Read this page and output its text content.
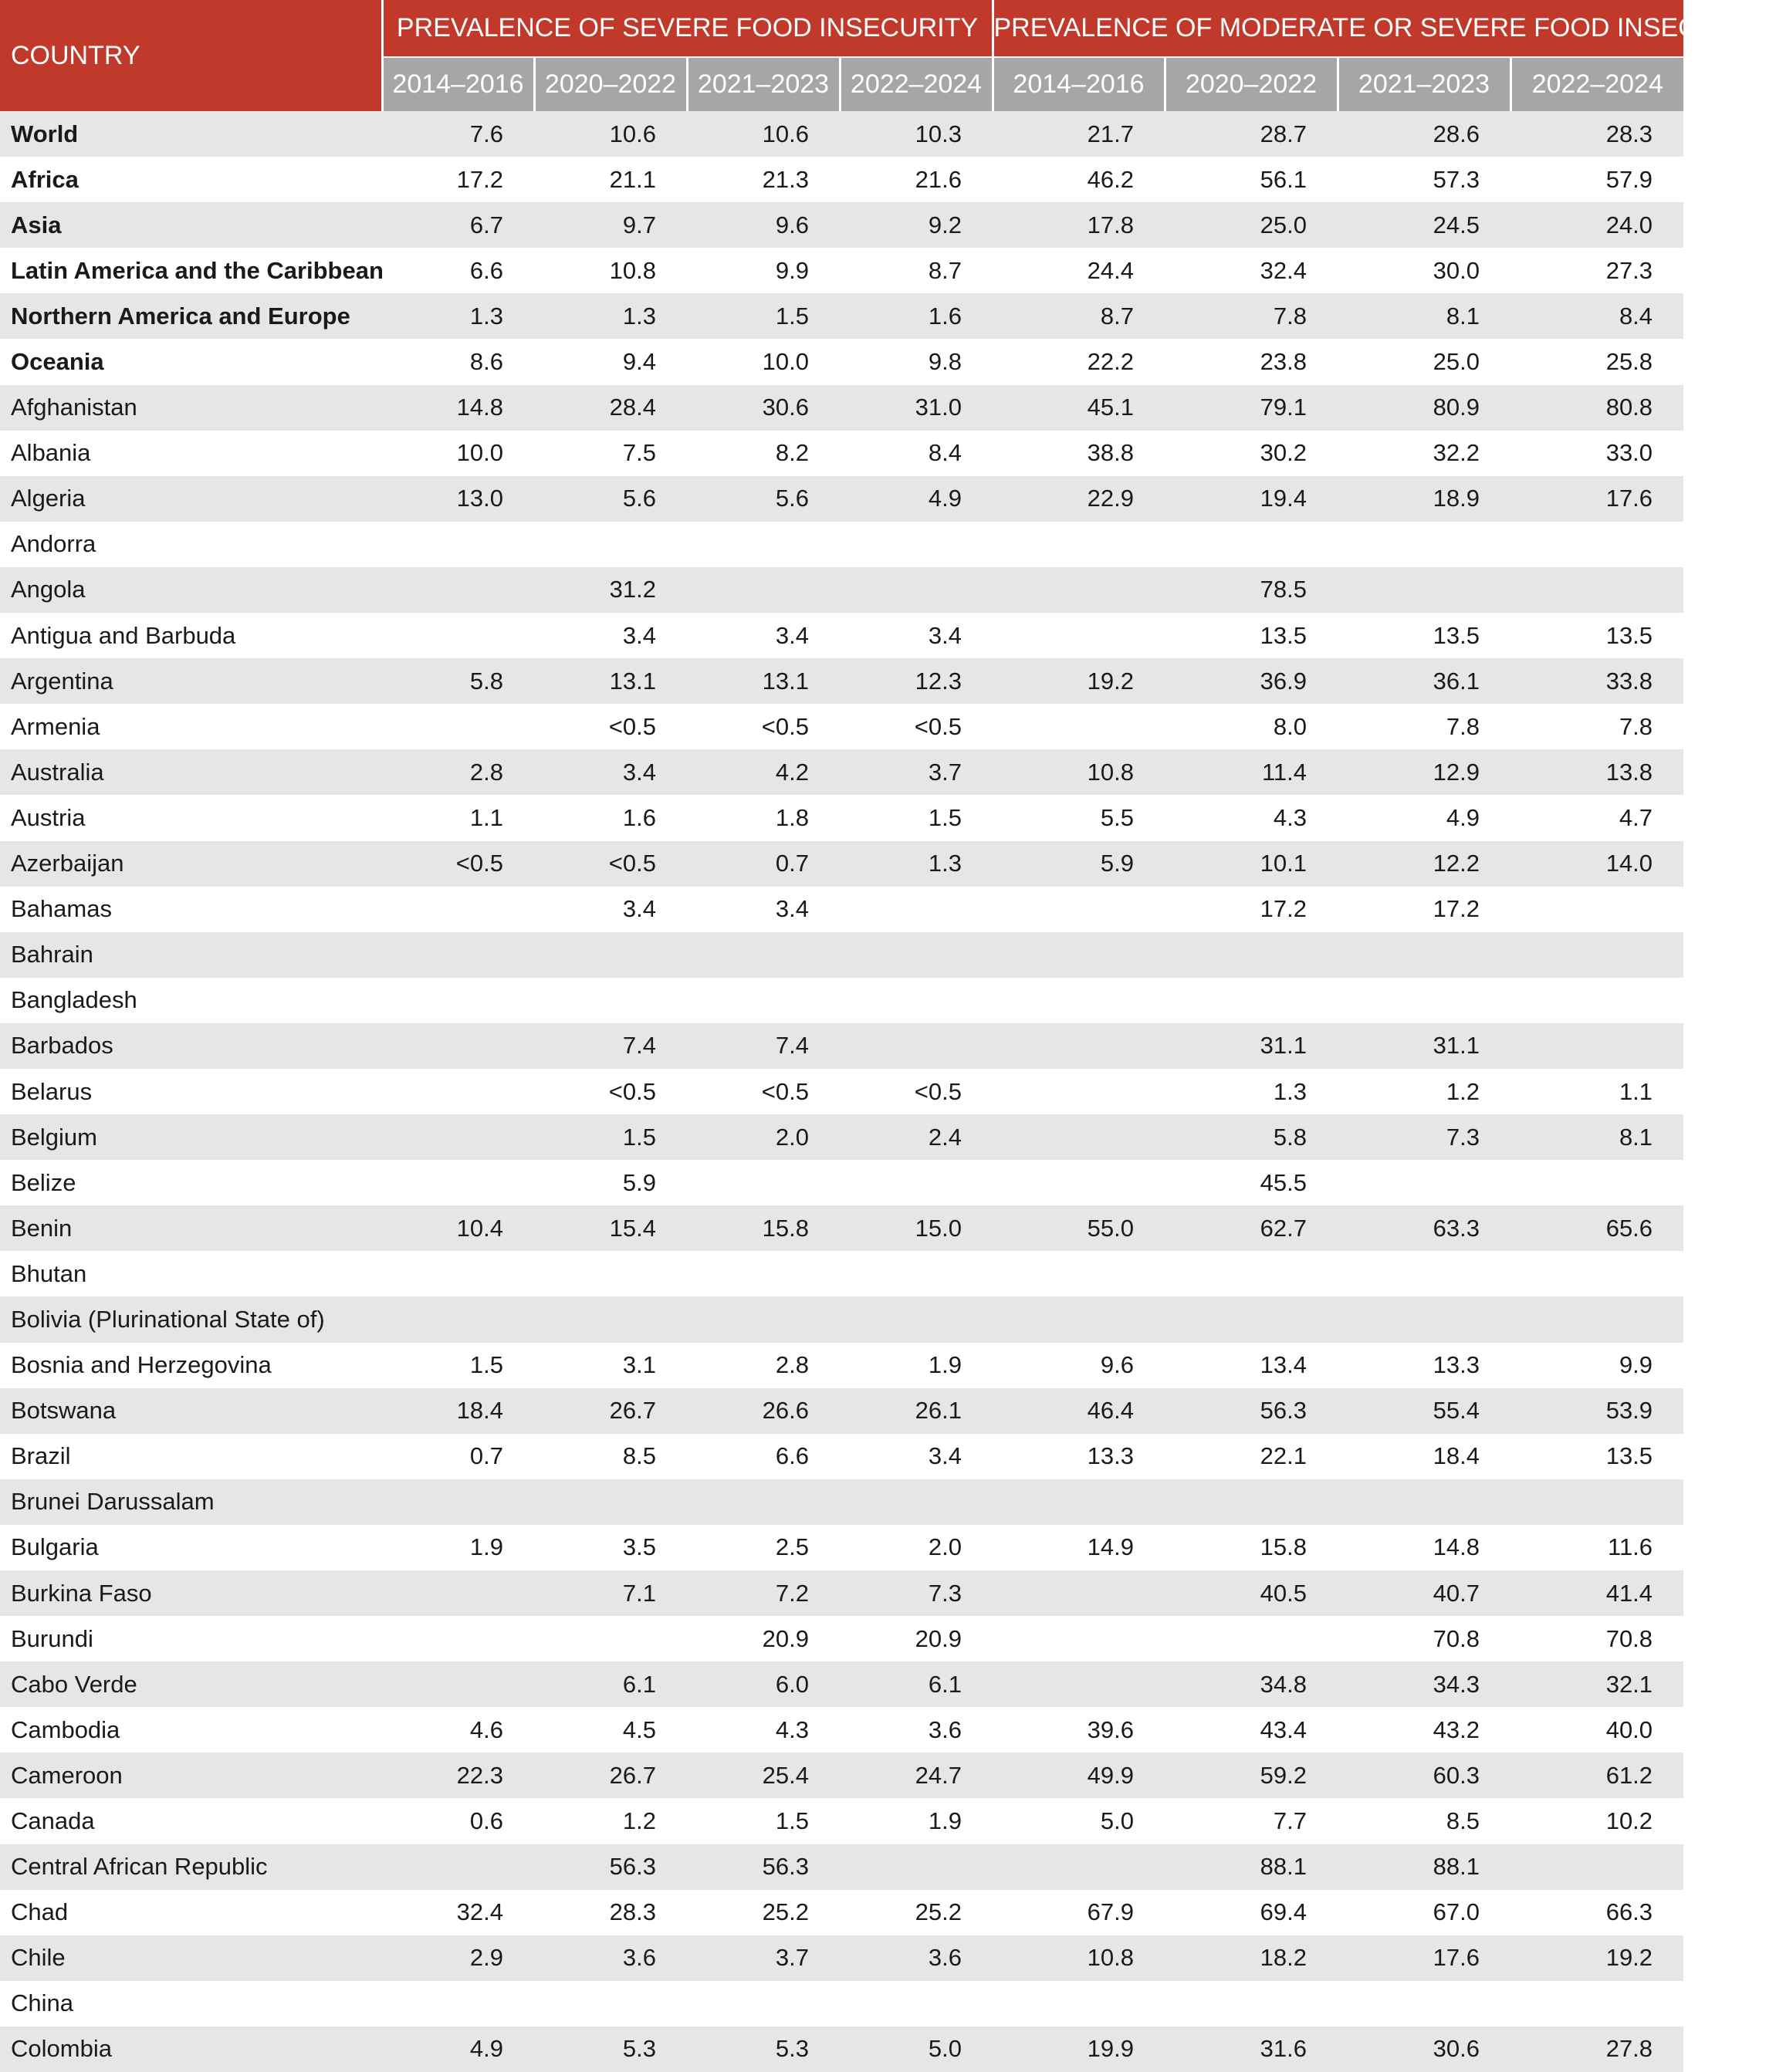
COUNTRY	PREVALENCE OF SEVERE FOOD INSECURITY				PREVALENCE OF MODERATE OR SEVERE FOOD INSECURITY			
	2014–2016	2020–2022	2021–2023	2022–2024	2014–2016	2020–2022	2021–2023	2022–2024
World	7.6	10.6	10.6	10.3	21.7	28.7	28.6	28.3
Africa	17.2	21.1	21.3	21.6	46.2	56.1	57.3	57.9
Asia	6.7	9.7	9.6	9.2	17.8	25.0	24.5	24.0
Latin America and the Caribbean	6.6	10.8	9.9	8.7	24.4	32.4	30.0	27.3
Northern America and Europe	1.3	1.3	1.5	1.6	8.7	7.8	8.1	8.4
Oceania	8.6	9.4	10.0	9.8	22.2	23.8	25.0	25.8
Afghanistan	14.8	28.4	30.6	31.0	45.1	79.1	80.9	80.8
Albania	10.0	7.5	8.2	8.4	38.8	30.2	32.2	33.0
Algeria	13.0	5.6	5.6	4.9	22.9	19.4	18.9	17.6
Andorra								
Angola		31.2				78.5		
Antigua and Barbuda		3.4	3.4	3.4		13.5	13.5	13.5
Argentina	5.8	13.1	13.1	12.3	19.2	36.9	36.1	33.8
Armenia		<0.5	<0.5	<0.5		8.0	7.8	7.8
Australia	2.8	3.4	4.2	3.7	10.8	11.4	12.9	13.8
Austria	1.1	1.6	1.8	1.5	5.5	4.3	4.9	4.7
Azerbaijan	<0.5	<0.5	0.7	1.3	5.9	10.1	12.2	14.0
Bahamas		3.4	3.4			17.2	17.2	
Bahrain								
Bangladesh								
Barbados		7.4	7.4			31.1	31.1	
Belarus		<0.5	<0.5	<0.5		1.3	1.2	1.1
Belgium		1.5	2.0	2.4		5.8	7.3	8.1
Belize		5.9				45.5		
Benin	10.4	15.4	15.8	15.0	55.0	62.7	63.3	65.6
Bhutan								
Bolivia (Plurinational State of)								
Bosnia and Herzegovina	1.5	3.1	2.8	1.9	9.6	13.4	13.3	9.9
Botswana	18.4	26.7	26.6	26.1	46.4	56.3	55.4	53.9
Brazil	0.7	8.5	6.6	3.4	13.3	22.1	18.4	13.5
Brunei Darussalam								
Bulgaria	1.9	3.5	2.5	2.0	14.9	15.8	14.8	11.6
Burkina Faso		7.1	7.2	7.3		40.5	40.7	41.4
Burundi			20.9	20.9			70.8	70.8
Cabo Verde		6.1	6.0	6.1		34.8	34.3	32.1
Cambodia	4.6	4.5	4.3	3.6	39.6	43.4	43.2	40.0
Cameroon	22.3	26.7	25.4	24.7	49.9	59.2	60.3	61.2
Canada	0.6	1.2	1.5	1.9	5.0	7.7	8.5	10.2
Central African Republic		56.3	56.3			88.1	88.1	
Chad	32.4	28.3	25.2	25.2	67.9	69.4	67.0	66.3
Chile	2.9	3.6	3.7	3.6	10.8	18.2	17.6	19.2
China								
Colombia	4.9	5.3	5.3	5.0	19.9	31.6	30.6	27.8
